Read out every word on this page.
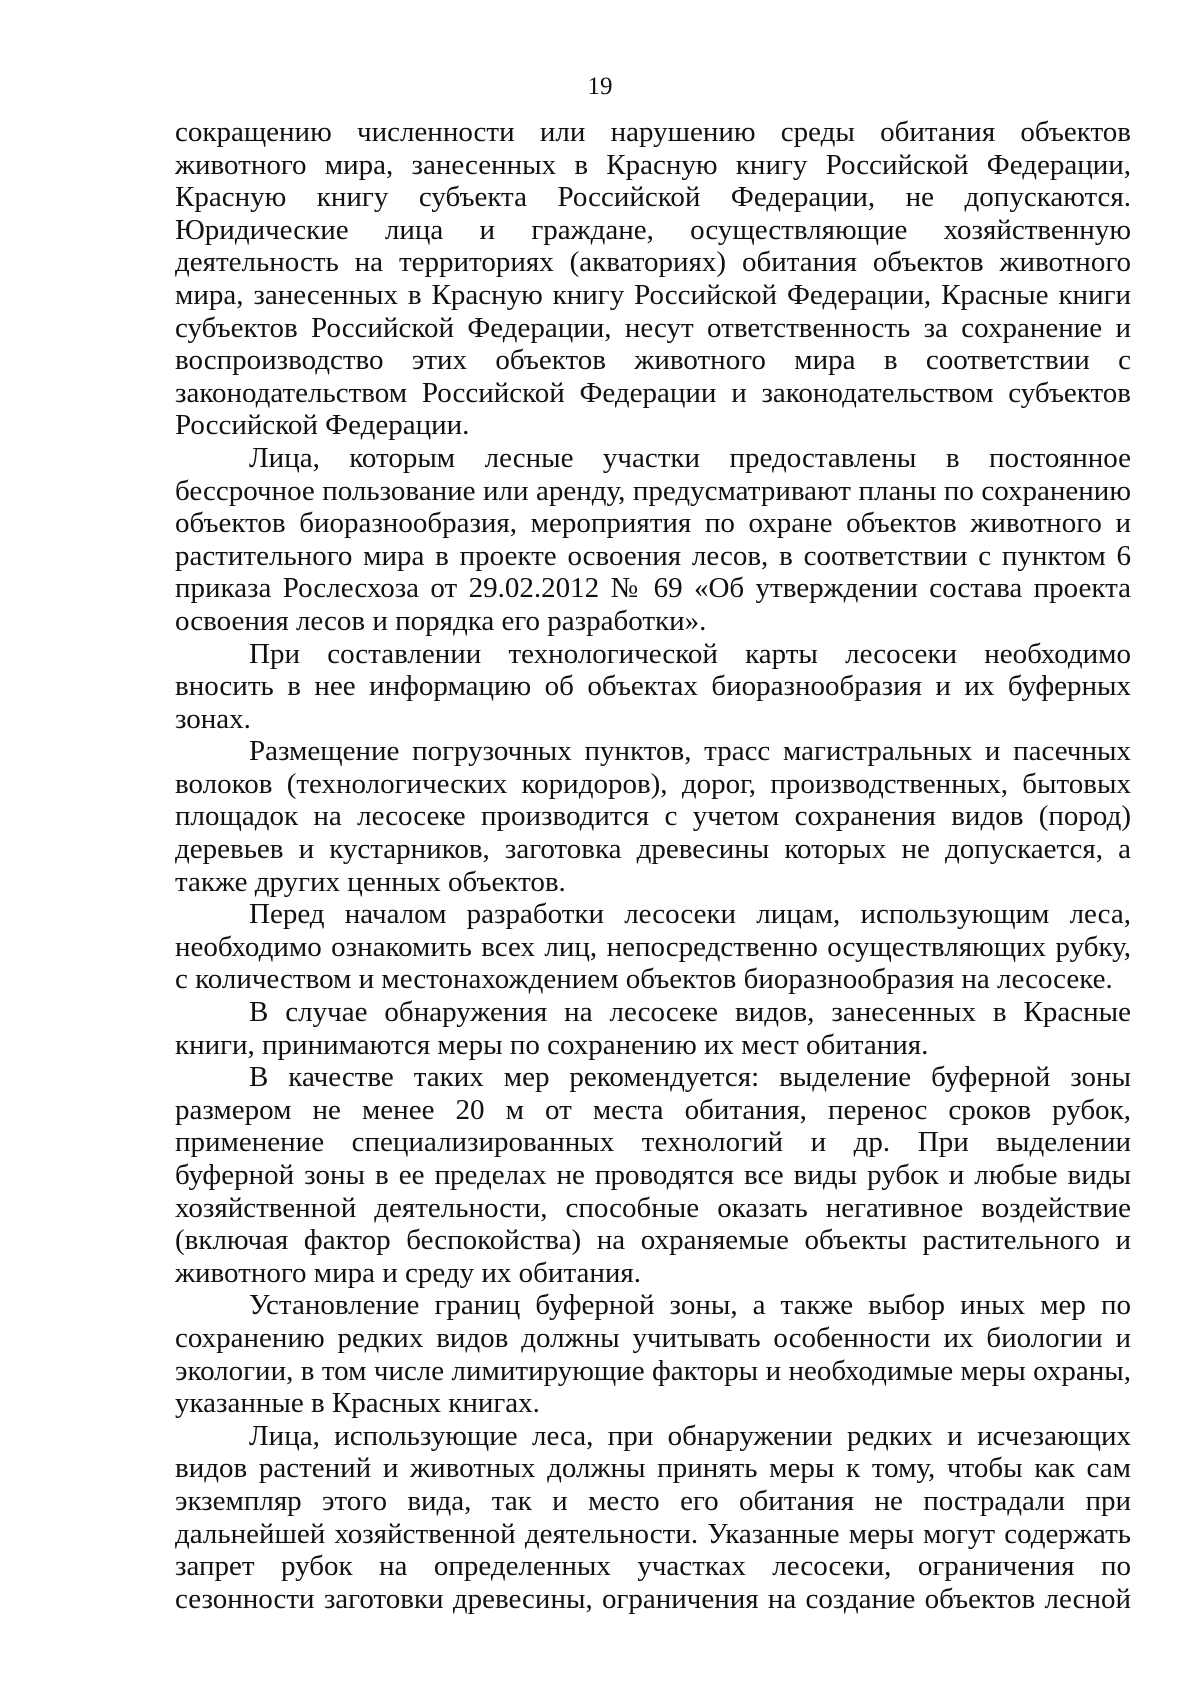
19

сокращению численности или нарушению среды обитания объектов животного мира, занесенных в Красную книгу Российской Федерации, Красную книгу субъекта Российской Федерации, не допускаются. Юридические лица и граждане, осуществляющие хозяйственную деятельность на территориях (акваториях) обитания объектов животного мира, занесенных в Красную книгу Российской Федерации, Красные книги субъектов Российской Федерации, несут ответственность за сохранение и воспроизводство этих объектов животного мира в соответствии с законодательством Российской Федерации и законодательством субъектов Российской Федерации.

Лица, которым лесные участки предоставлены в постоянное бессрочное пользование или аренду, предусматривают планы по сохранению объектов биоразнообразия, мероприятия по охране объектов животного и растительного мира в проекте освоения лесов, в соответствии с пунктом 6 приказа Рослесхоза от 29.02.2012 № 69 «Об утверждении состава проекта освоения лесов и порядка его разработки».

При составлении технологической карты лесосеки необходимо вносить в нее информацию об объектах биоразнообразия и их буферных зонах.

Размещение погрузочных пунктов, трасс магистральных и пасечных волоков (технологических коридоров), дорог, производственных, бытовых площадок на лесосеке производится с учетом сохранения видов (пород) деревьев и кустарников, заготовка древесины которых не допускается, а также других ценных объектов.

Перед началом разработки лесосеки лицам, использующим леса, необходимо ознакомить всех лиц, непосредственно осуществляющих рубку, с количеством и местонахождением объектов биоразнообразия на лесосеке.

В случае обнаружения на лесосеке видов, занесенных в Красные книги, принимаются меры по сохранению их мест обитания.

В качестве таких мер рекомендуется: выделение буферной зоны размером не менее 20 м от места обитания, перенос сроков рубок, применение специализированных технологий и др. При выделении буферной зоны в ее пределах не проводятся все виды рубок и любые виды хозяйственной деятельности, способные оказать негативное воздействие (включая фактор беспокойства) на охраняемые объекты растительного и животного мира и среду их обитания.

Установление границ буферной зоны, а также выбор иных мер по сохранению редких видов должны учитывать особенности их биологии и экологии, в том числе лимитирующие факторы и необходимые меры охраны, указанные в Красных книгах.

Лица, использующие леса, при обнаружении редких и исчезающих видов растений и животных должны принять меры к тому, чтобы как сам экземпляр этого вида, так и место его обитания не пострадали при дальнейшей хозяйственной деятельности. Указанные меры могут содержать запрет рубок на определенных участках лесосеки, ограничения по сезонности заготовки древесины, ограничения на создание объектов лесной
